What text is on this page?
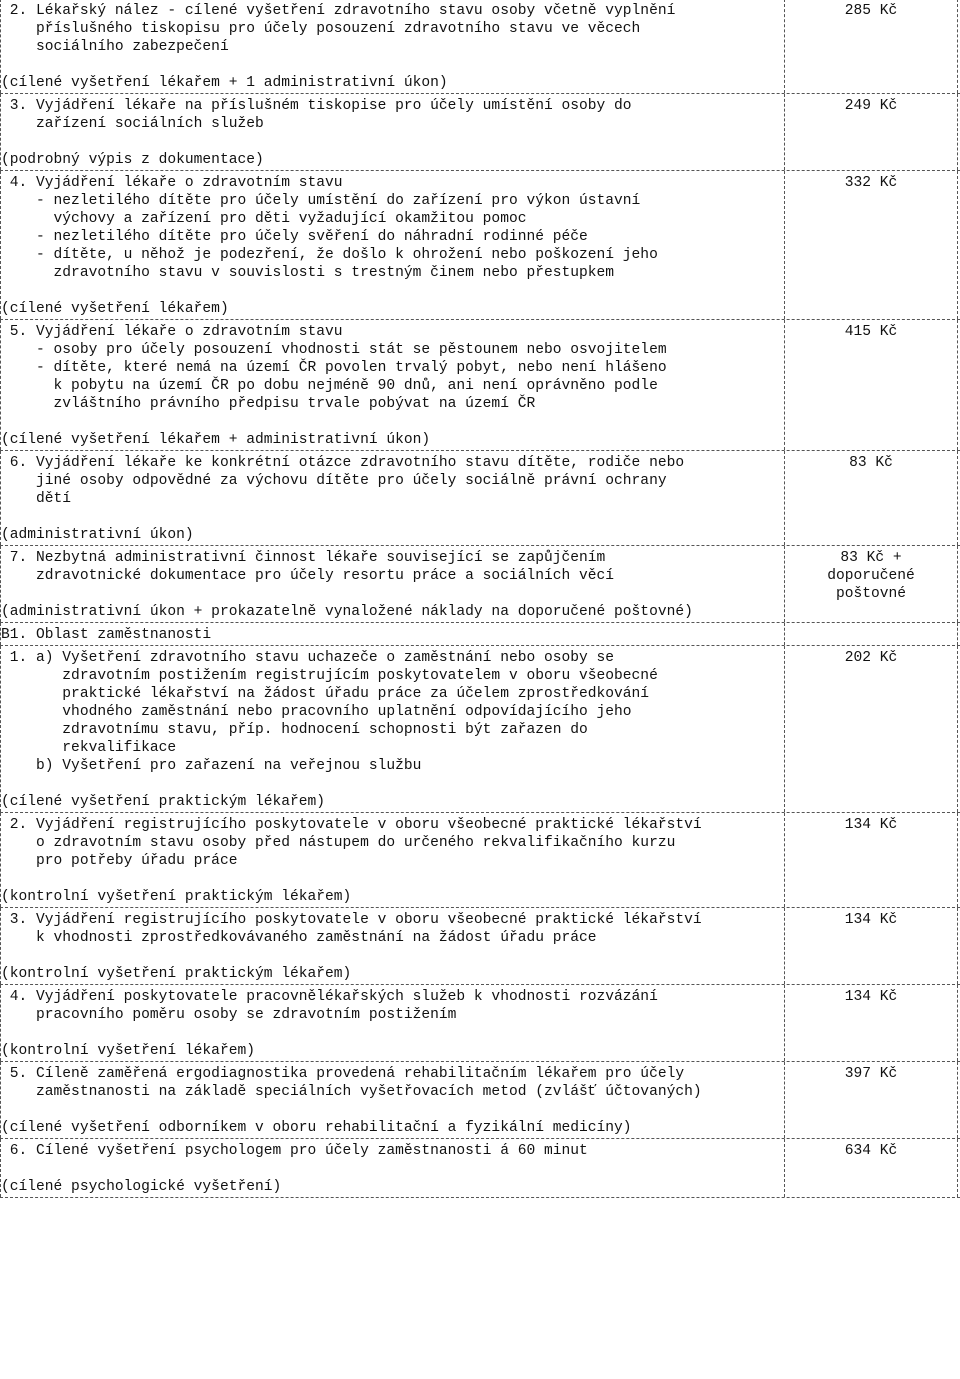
2. Lékařský nález - cílené vyšetření zdravotního stavu osoby včetně vyplnění
příslušného tiskopisu pro účely posouzení zdravotního stavu ve věcech
sociálního zabezpečení
(cílené vyšetření lékařem + 1 administrativní úkon)
285 Kč
3. Vyjádření lékaře na příslušném tiskopise pro účely umístění osoby do
zařízení sociálních služeb
(podrobný výpis z dokumentace)
249 Kč
4. Vyjádření lékaře o zdravotním stavu
- nezletilého dítěte pro účely umístění do zařízení pro výkon ústavní
výchovy a zařízení pro děti vyžadující okamžitou pomoc
- nezletilého dítěte pro účely svěření do náhradní rodinné péče
- dítěte, u něhož je podezření, že došlo k ohrožení nebo poškození jeho
zdravotního stavu v souvislosti s trestným činem nebo přestupkem
(cílené vyšetření lékařem)
332 Kč
5. Vyjádření lékaře o zdravotním stavu
- osoby pro účely posouzení vhodnosti stát se pěstounem nebo osvojitelem
- dítěte, které nemá na území ČR povolen trvalý pobyt, nebo není hlášeno
k pobytu na území ČR po dobu nejméně 90 dnů, ani není oprávněno podle
zvláštního právního předpisu trvale pobývat na území ČR
(cílené vyšetření lékařem + administrativní úkon)
415 Kč
6. Vyjádření lékaře ke konkrétní otázce zdravotního stavu dítěte, rodiče nebo
jiné osoby odpovědné za výchovu dítěte pro účely sociálně právní ochrany
dětí
(administrativní úkon)
83 Kč
7. Nezbytná administrativní činnost lékaře související se zapůjčením
zdravotnické dokumentace pro účely resortu práce a sociálních věcí
(administrativní úkon + prokazatelně vynaložené náklady na doporučené poštovné)
83 Kč +
doporučené
poštovné
B1. Oblast zaměstnanosti
1. a) Vyšetření zdravotního stavu uchazeče o zaměstnání nebo osoby se
zdravotním postižením registrujícím poskytovatelem v oboru všeobecné
praktické lékařství na žádost úřadu práce za účelem zprostředkování
vhodného zaměstnání nebo pracovního uplatnění odpovídajícího jeho
zdravotnímu stavu, příp. hodnocení schopnosti být zařazen do
rekvalifikace
b) Vyšetření pro zařazení na veřejnou službu
(cílené vyšetření praktickým lékařem)
202 Kč
2. Vyjádření registrujícího poskytovatele v oboru všeobecné praktické lékařství
o zdravotním stavu osoby před nástupem do určeného rekvalifikačního kurzu
pro potřeby úřadu práce
(kontrolní vyšetření praktickým lékařem)
134 Kč
3. Vyjádření registrujícího poskytovatele v oboru všeobecné praktické lékařství
k vhodnosti zprostředkovávaného zaměstnání na žádost úřadu práce
(kontrolní vyšetření praktickým lékařem)
134 Kč
4. Vyjádření poskytovatele pracovnělékařských služeb k vhodnosti rozvázání
pracovního poměru osoby se zdravotním postižením
(kontrolní vyšetření lékařem)
134 Kč
5. Cíleně zaměřená ergodiagnostika provedená rehabilitačním lékařem pro účely
zaměstnanosti na základě speciálních vyšetřovacích metod (zvlášť účtovaných)
(cílené vyšetření odborníkem v oboru rehabilitační a fyzikální medicíny)
397 Kč
6. Cílené vyšetření psychologem pro účely zaměstnanosti á 60 minut
(cílené psychologické vyšetření)
634 Kč
